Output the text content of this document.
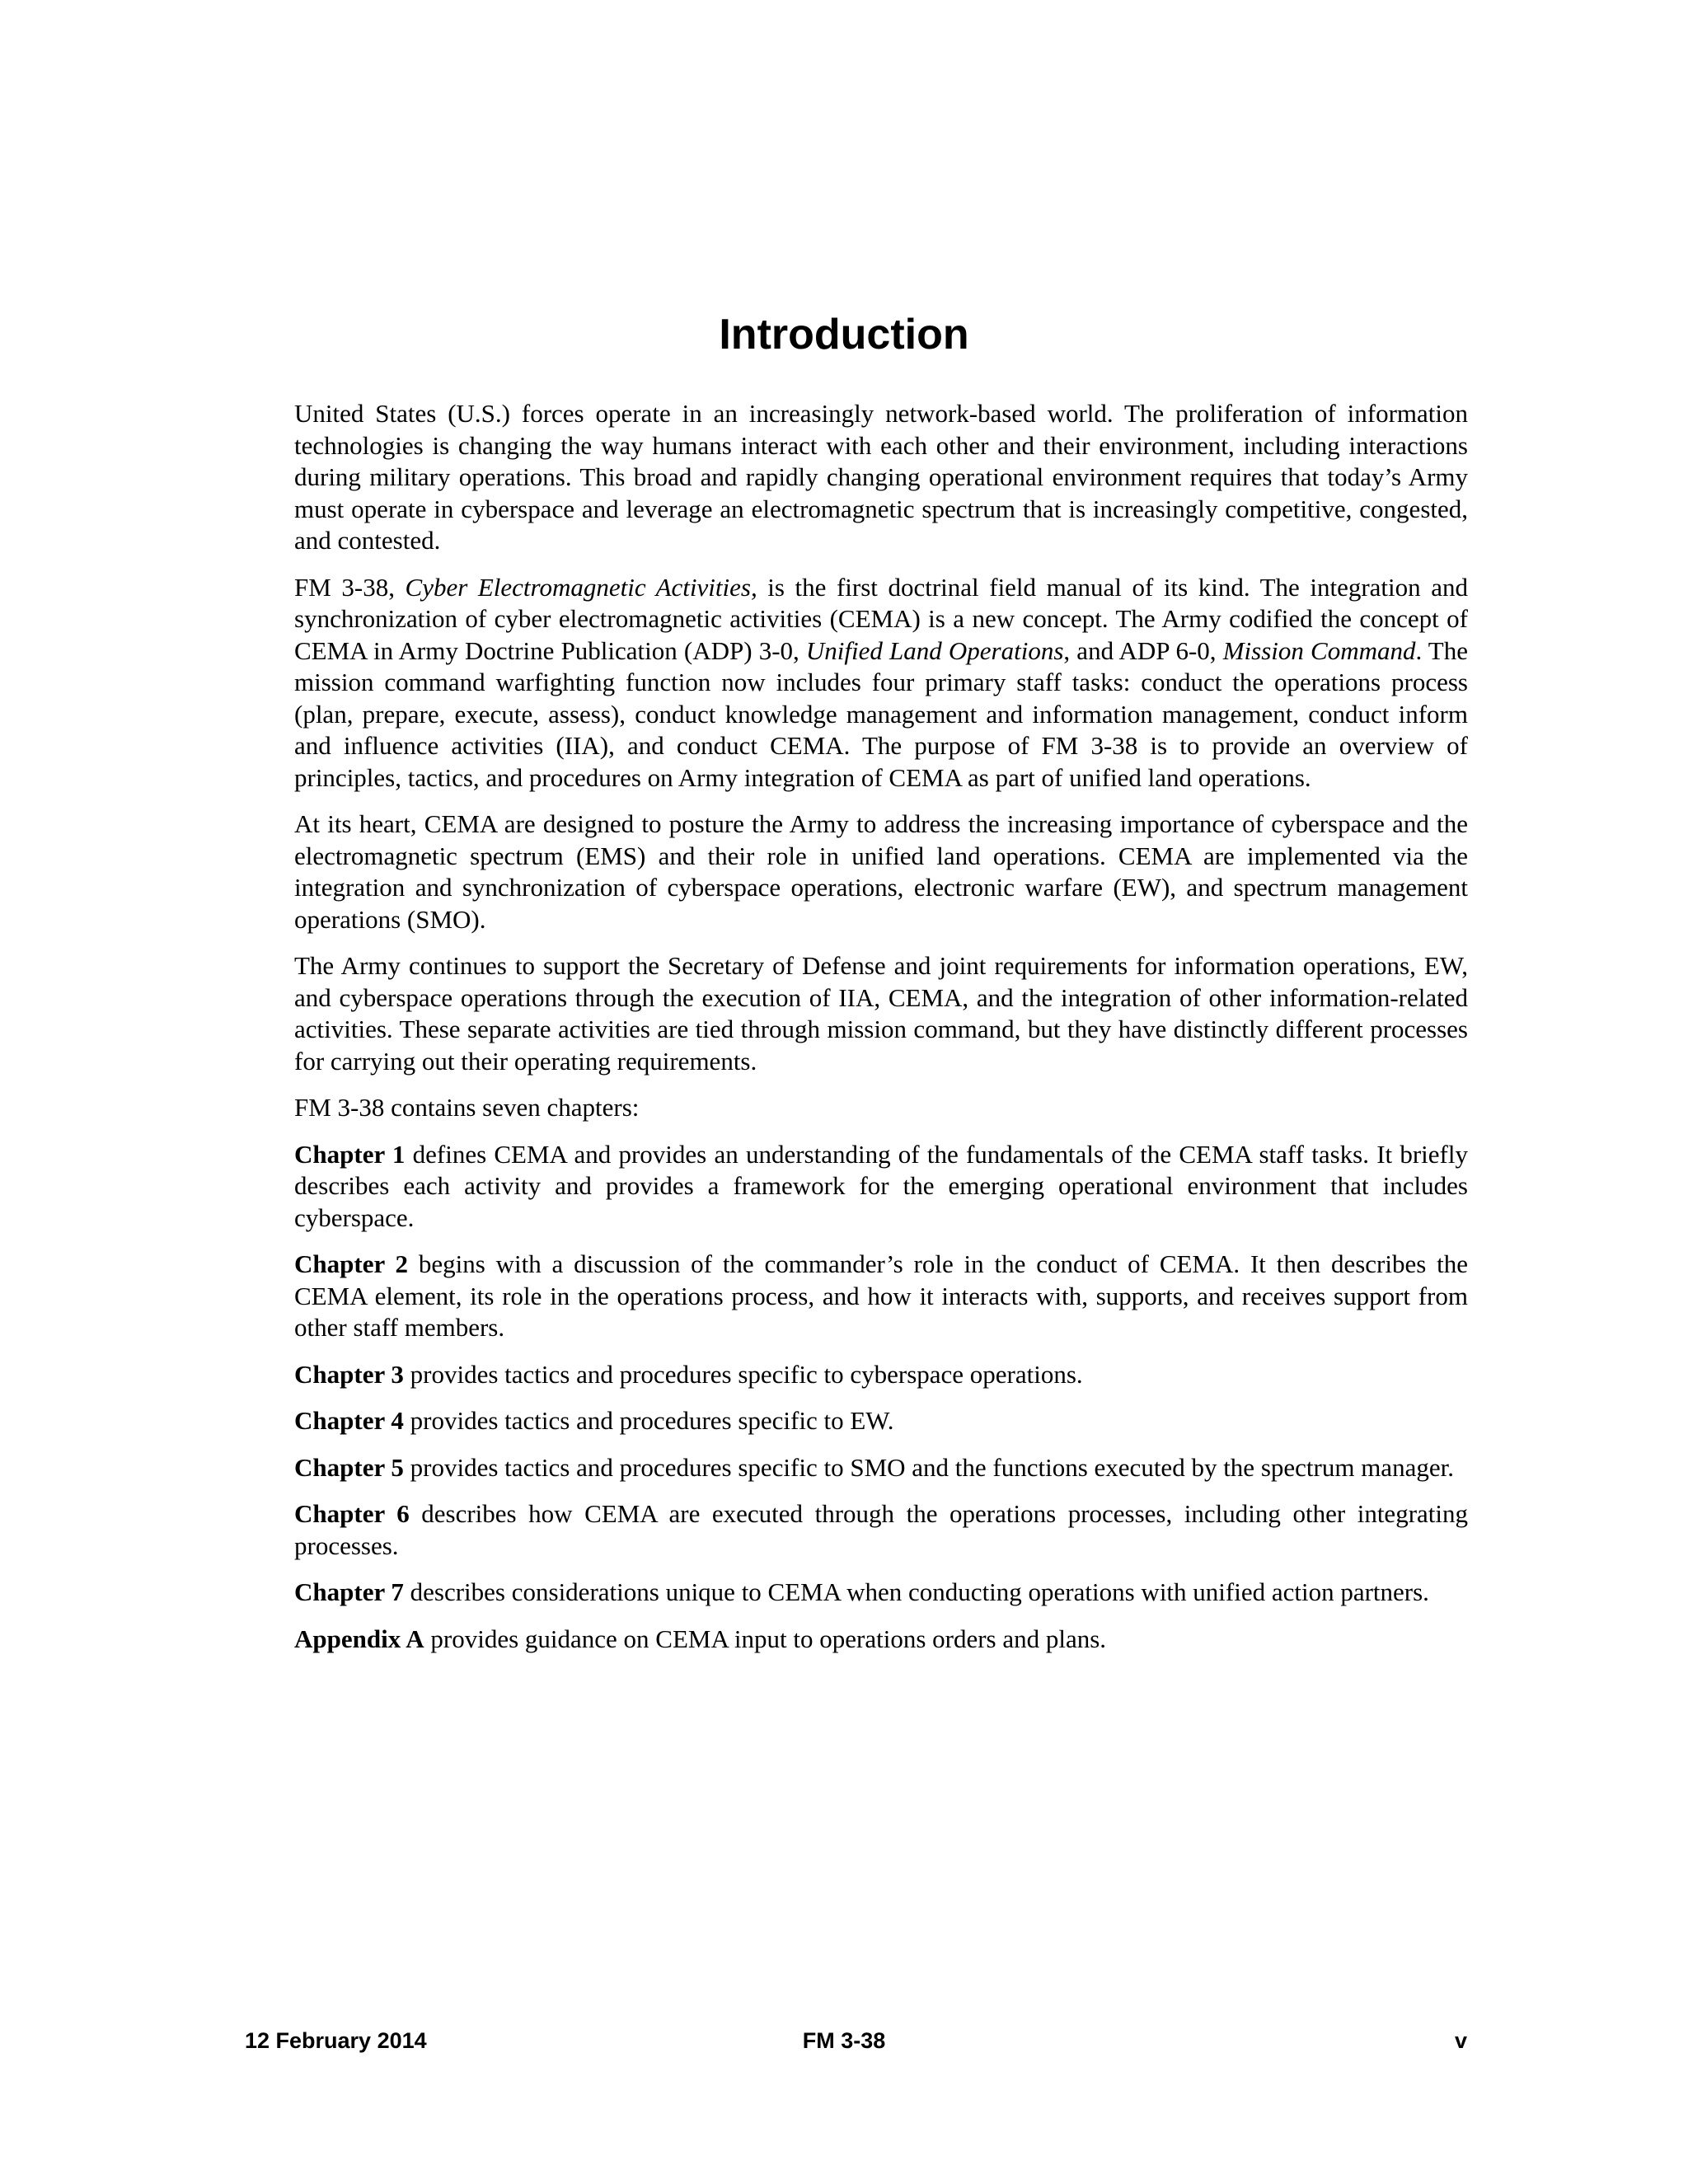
Introduction

United States (U.S.) forces operate in an increasingly network-based world. The proliferation of information technologies is changing the way humans interact with each other and their environment, including interactions during military operations. This broad and rapidly changing operational environment requires that today’s Army must operate in cyberspace and leverage an electromagnetic spectrum that is increasingly competitive, congested, and contested.

FM 3-38, Cyber Electromagnetic Activities, is the first doctrinal field manual of its kind. The integration and synchronization of cyber electromagnetic activities (CEMA) is a new concept. The Army codified the concept of CEMA in Army Doctrine Publication (ADP) 3-0, Unified Land Operations, and ADP 6-0, Mission Command. The mission command warfighting function now includes four primary staff tasks: conduct the operations process (plan, prepare, execute, assess), conduct knowledge management and information management, conduct inform and influence activities (IIA), and conduct CEMA. The purpose of FM 3-38 is to provide an overview of principles, tactics, and procedures on Army integration of CEMA as part of unified land operations.

At its heart, CEMA are designed to posture the Army to address the increasing importance of cyberspace and the electromagnetic spectrum (EMS) and their role in unified land operations. CEMA are implemented via the integration and synchronization of cyberspace operations, electronic warfare (EW), and spectrum management operations (SMO).

The Army continues to support the Secretary of Defense and joint requirements for information operations, EW, and cyberspace operations through the execution of IIA, CEMA, and the integration of other information-related activities. These separate activities are tied through mission command, but they have distinctly different processes for carrying out their operating requirements.

FM 3-38 contains seven chapters:

Chapter 1 defines CEMA and provides an understanding of the fundamentals of the CEMA staff tasks. It briefly describes each activity and provides a framework for the emerging operational environment that includes cyberspace.

Chapter 2 begins with a discussion of the commander’s role in the conduct of CEMA. It then describes the CEMA element, its role in the operations process, and how it interacts with, supports, and receives support from other staff members.

Chapter 3 provides tactics and procedures specific to cyberspace operations.

Chapter 4 provides tactics and procedures specific to EW.

Chapter 5 provides tactics and procedures specific to SMO and the functions executed by the spectrum manager.

Chapter 6 describes how CEMA are executed through the operations processes, including other integrating processes.

Chapter 7 describes considerations unique to CEMA when conducting operations with unified action partners.

Appendix A provides guidance on CEMA input to operations orders and plans.

12 February 2014	FM 3-38	v
